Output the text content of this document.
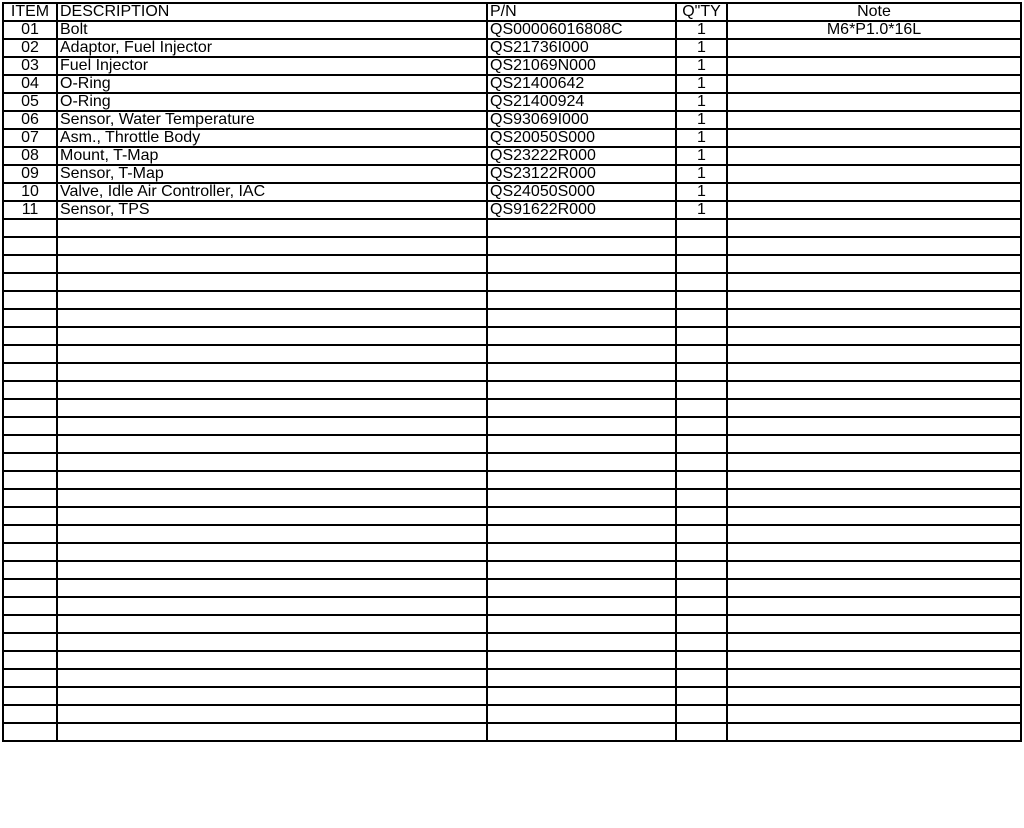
ITEM	DESCRIPTION	P/N	Q"TY	Note
01	Bolt	QS00006016808C	1	M6*P1.0*16L
02	Adaptor, Fuel Injector	QS21736I000	1	
03	Fuel Injector	QS21069N000	1	
04	O-Ring	QS21400642	1	
05	O-Ring	QS21400924	1	
06	Sensor, Water Temperature	QS93069I000	1	
07	Asm., Throttle Body	QS20050S000	1	
08	Mount, T-Map	QS23222R000	1	
09	Sensor, T-Map	QS23122R000	1	
10	Valve, Idle Air Controller, IAC	QS24050S000	1	
11	Sensor, TPS	QS91622R000	1	
